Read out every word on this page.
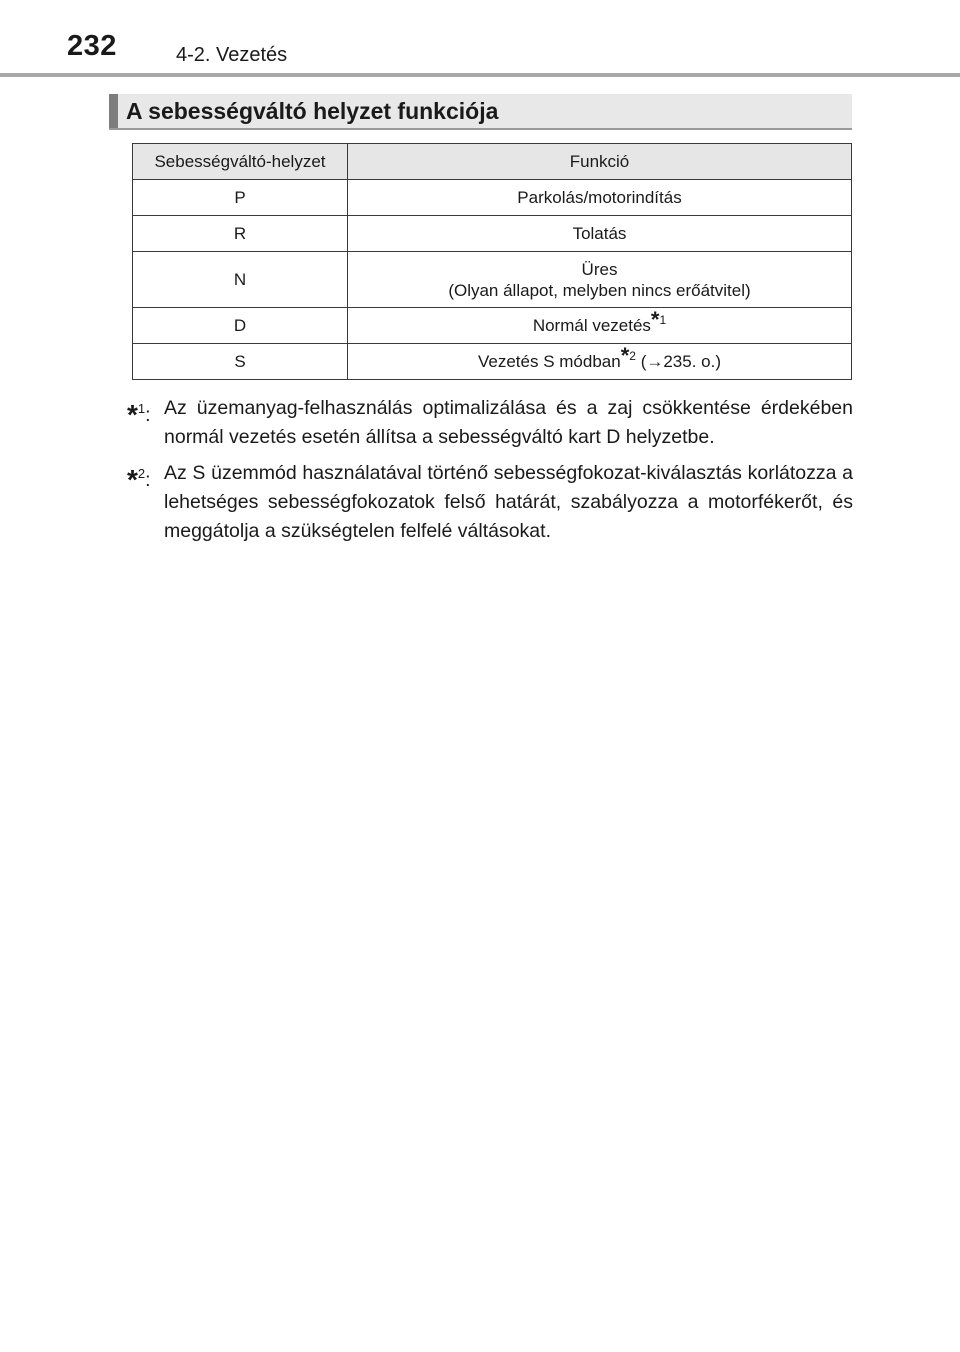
232	4-2. Vezetés
A sebességváltó helyzet funkciója
Sebességváltó-helyzet	Funkció
P	Parkolás/motorindítás
R	Tolatás
N	Üres
(Olyan állapot, melyben nincs erőátvitel)
D	Normál vezetés*$^1$
S	Vezetés S módban*$^2$ (→235. o.)
*$^1$: Az üzemanyag-felhasználás optimalizálása és a zaj csökkentése érdekében normál vezetés esetén állítsa a sebességváltó kart D helyzetbe.
*$^2$: Az S üzemmód használatával történő sebességfokozat-kiválasztás korlátozza a lehetséges sebességfokozatok felső határát, szabályozza a motorfékerőt, és meggátolja a szükségtelen felfelé váltásokat.
